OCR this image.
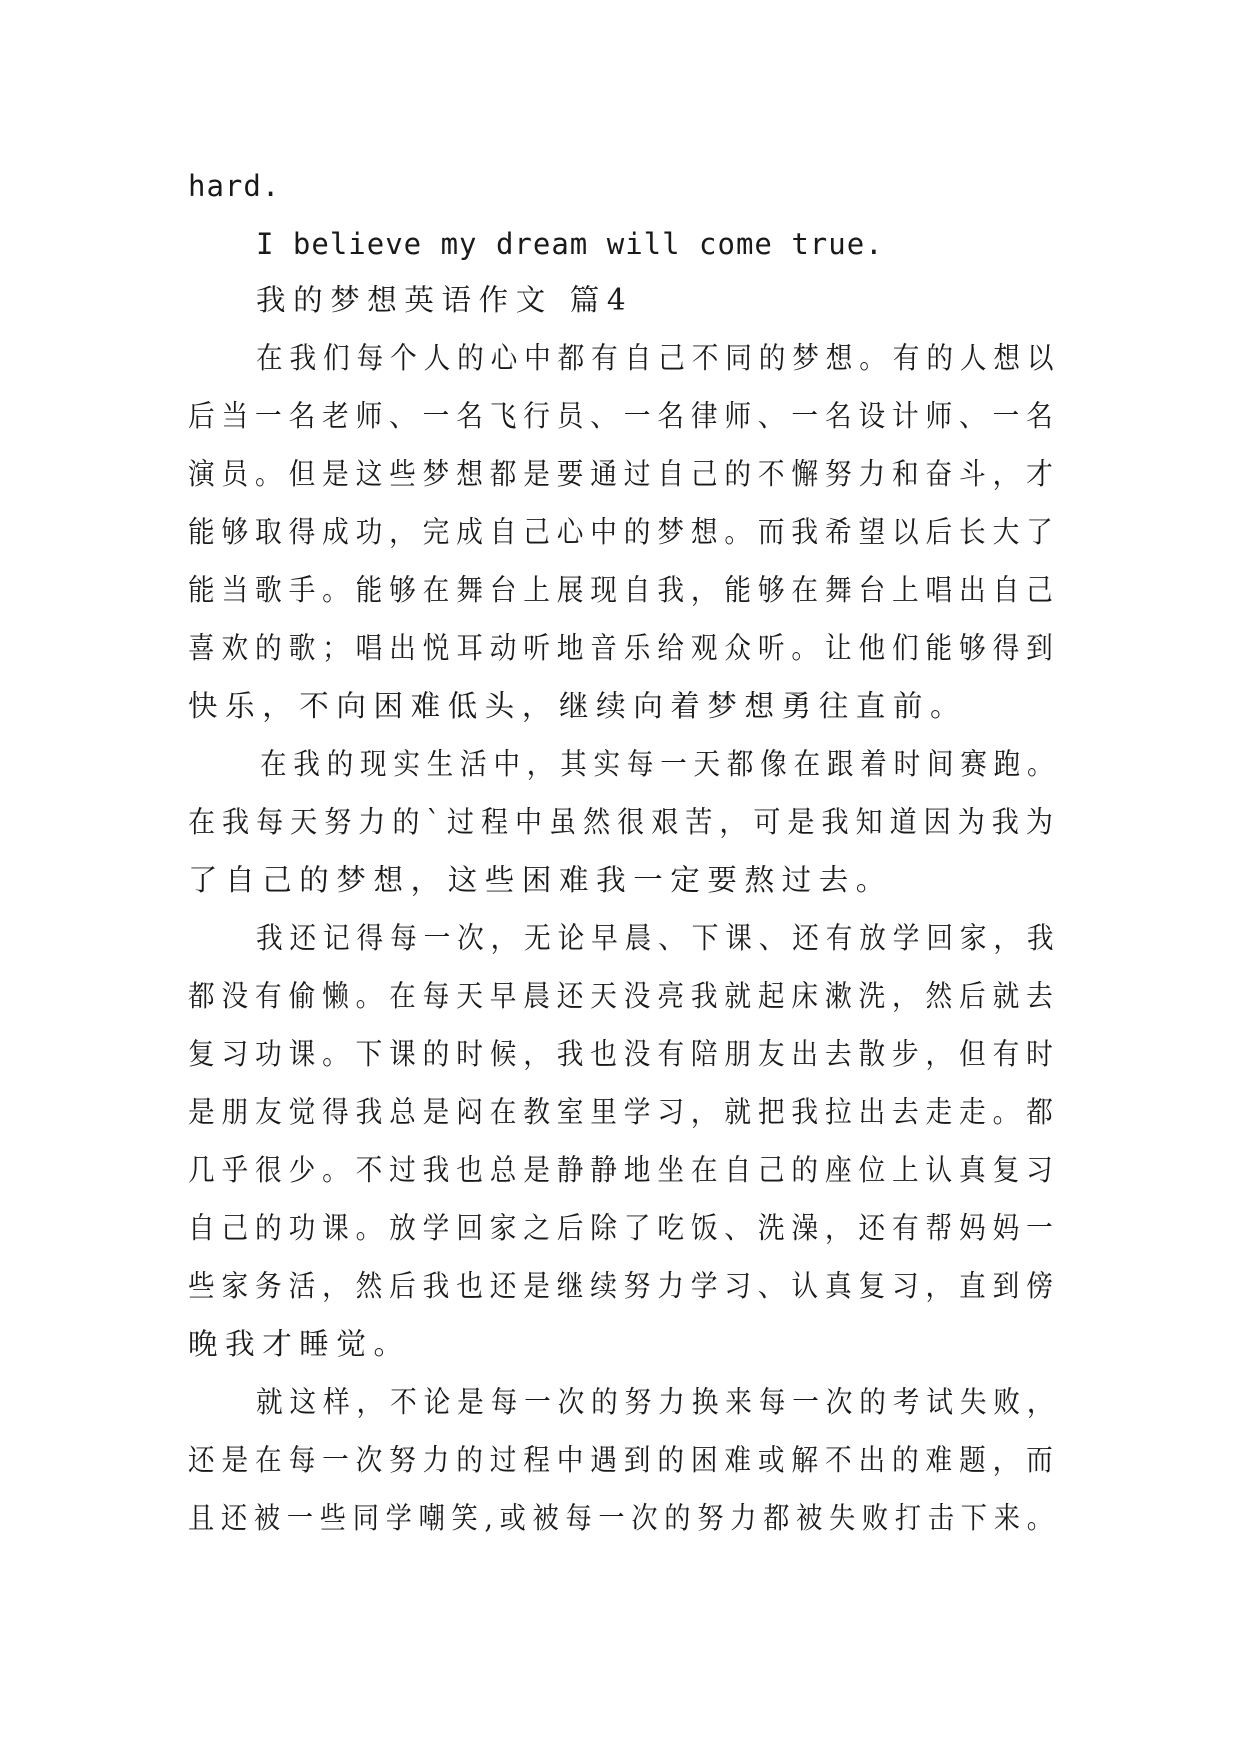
hard.
I believe my dream will come true.
我的梦想英语作文 篇4
在我们每个人的心中都有自己不同的梦想。有的人想以
后当一名老师、一名飞行员、一名律师、一名设计师、一名
演员。但是这些梦想都是要通过自己的不懈努力和奋斗，才
能够取得成功，完成自己心中的梦想。而我希望以后长大了
能当歌手。能够在舞台上展现自我，能够在舞台上唱出自己
喜欢的歌；唱出悦耳动听地音乐给观众听。让他们能够得到
快乐，不向困难低头，继续向着梦想勇往直前。
在我的现实生活中，其实每一天都像在跟着时间赛跑。
在我每天努力的`过程中虽然很艰苦，可是我知道因为我为
了自己的梦想，这些困难我一定要熬过去。
我还记得每一次，无论早晨、下课、还有放学回家，我
都没有偷懒。在每天早晨还天没亮我就起床漱洗，然后就去
复习功课。下课的时候，我也没有陪朋友出去散步，但有时
是朋友觉得我总是闷在教室里学习，就把我拉出去走走。都
几乎很少。不过我也总是静静地坐在自己的座位上认真复习
自己的功课。放学回家之后除了吃饭、洗澡，还有帮妈妈一
些家务活，然后我也还是继续努力学习、认真复习，直到傍
晚我才睡觉。
就这样，不论是每一次的努力换来每一次的考试失败，
还是在每一次努力的过程中遇到的困难或解不出的难题，而
且还被一些同学嘲笑,或被每一次的努力都被失败打击下来。
